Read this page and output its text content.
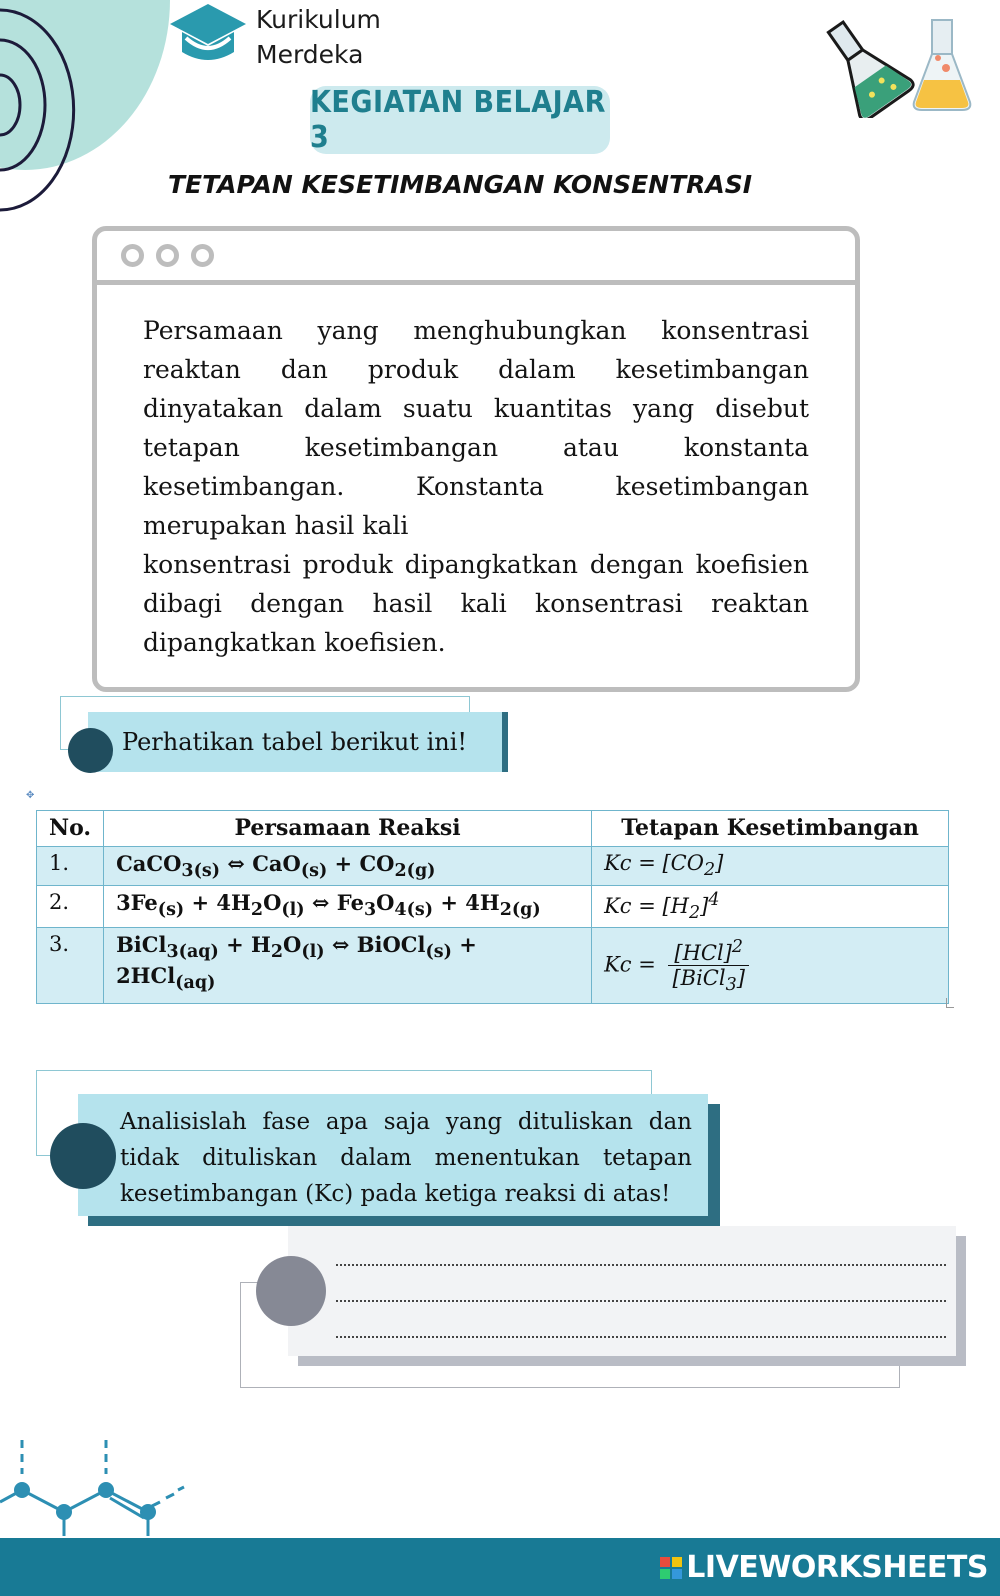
Kurikulum
Merdeka
KEGIATAN BELAJAR 3
TETAPAN KESETIMBANGAN KONSENTRASI
Persamaan yang menghubungkan konsentrasi
reaktan dan produk dalam kesetimbangan
dinyatakan dalam suatu kuantitas yang disebut
tetapan kesetimbangan atau konstanta
kesetimbangan. Konstanta kesetimbangan
merupakan hasil kali
konsentrasi produk dipangkatkan dengan koefisien
dibagi dengan hasil kali konsentrasi reaktan
dipangkatkan koefisien.
Perhatikan tabel berikut ini!
✥
No.	Persamaan Reaksi	Tetapan Kesetimbangan
1.	CaCO$_{3(s)}$ ⇔ $CaO_{(s)} + CO_{2(g)}$	$Kc = [CO_2]$
2.	$3Fe_{(s)} + 4H_2O_{(l)}$ ⇔ $Fe_3O_{4(s)} + 4H_{2(g)}$	$Kc = [H_2]^4$
3.	BiCl$_{3(aq)}$ + $H_2O_{(l)}$ ⇔ BiOCl$_{(s)}$ + 2HCl$_{(aq)}$	$Kc = \frac{[HCl]^2}{[BiCl_3]}$
Analisislah fase apa saja yang dituliskan dan
tidak dituliskan dalam menentukan tetapan
kesetimbangan (Kc) pada ketiga reaksi di atas!
LIVEWORKSHEETS
